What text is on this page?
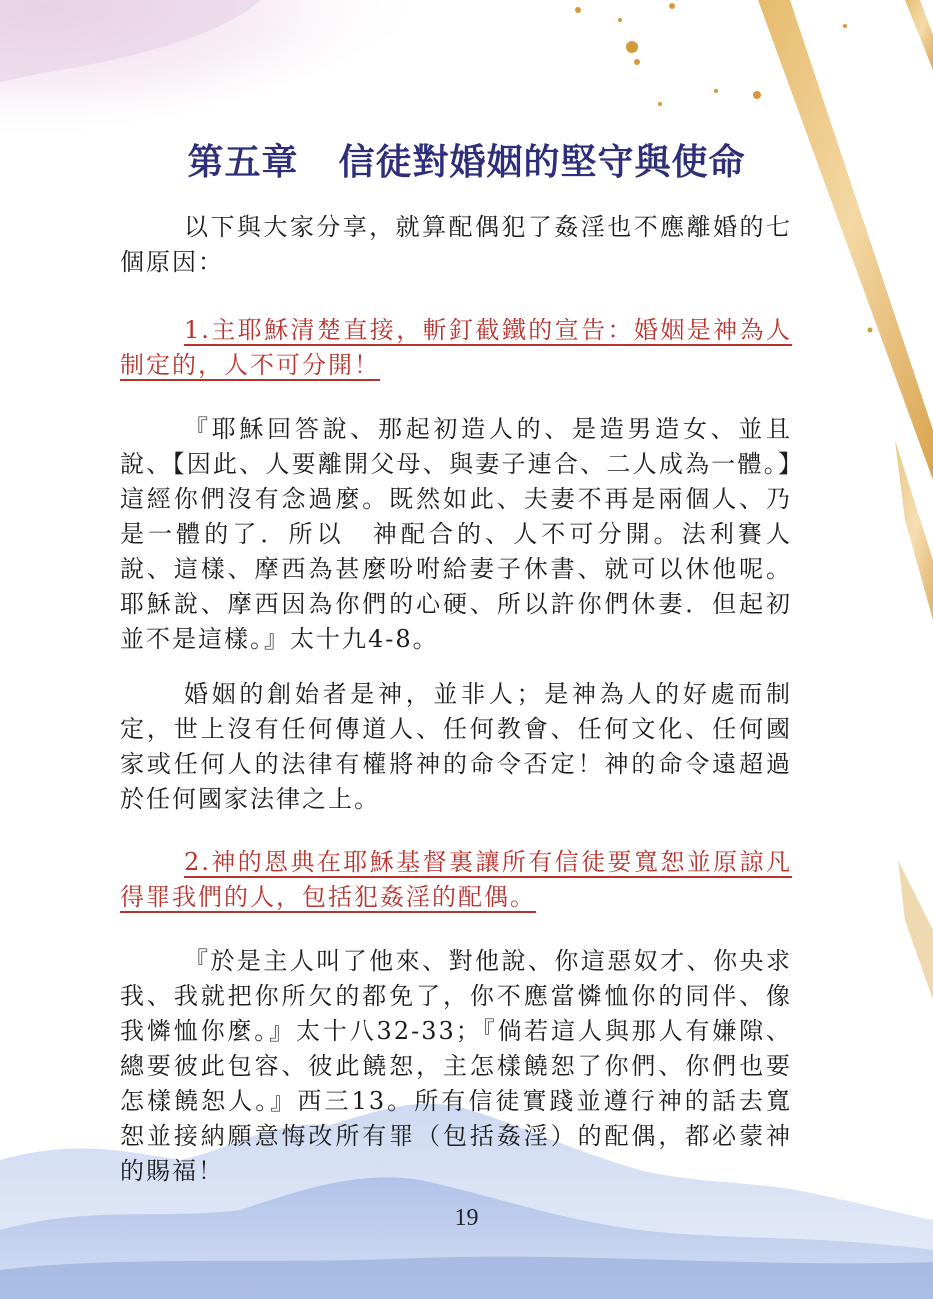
第五章 信徒對婚姻的堅守與使命

以下與大家分享，就算配偶犯了姦淫也不應離婚的七個原因：

1.主耶穌清楚直接，斬釘截鐵的宣告：婚姻是神為人制定的，人不可分開！

『耶穌回答說、那起初造人的、是造男造女、並且說、【因此、人要離開父母、與妻子連合、二人成為一體。】這經你們沒有念過麼。既然如此、夫妻不再是兩個人、乃是一體的了．所以　神配合的、人不可分開。法利賽人說、這樣、摩西為甚麼吩咐給妻子休書、就可以休他呢。耶穌說、摩西因為你們的心硬、所以許你們休妻．但起初並不是這樣。』太十九4-8。

婚姻的創始者是神，並非人；是神為人的好處而制定，世上沒有任何傳道人、任何教會、任何文化、任何國家或任何人的法律有權將神的命令否定！神的命令遠超過於任何國家法律之上。

2.神的恩典在耶穌基督裏讓所有信徒要寬恕並原諒凡得罪我們的人，包括犯姦淫的配偶。

『於是主人叫了他來、對他說、你這惡奴才、你央求我、我就把你所欠的都免了，你不應當憐恤你的同伴、像我憐恤你麼。』太十八32-33；『倘若這人與那人有嫌隙、總要彼此包容、彼此饒恕，主怎樣饒恕了你們、你們也要怎樣饒恕人。』西三13。所有信徒實踐並遵行神的話去寬恕並接納願意悔改所有罪（包括姦淫）的配偶，都必蒙神的賜福！

19
